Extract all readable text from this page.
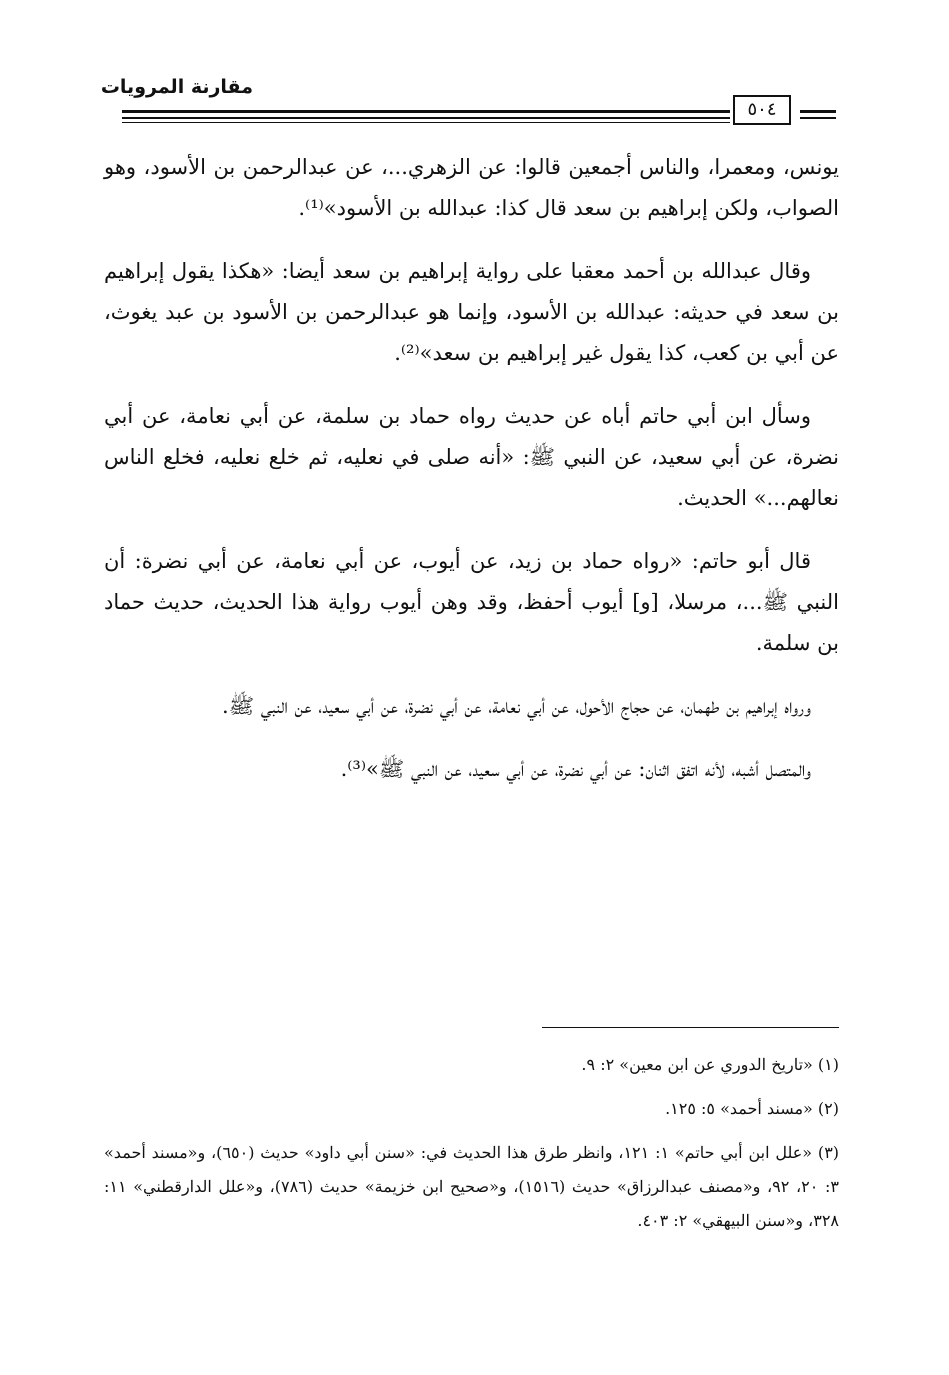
مقارنة المرويات
٥٠٤

يونس، ومعمرا، والناس أجمعين قالوا: عن الزهري...، عن عبدالرحمن بن الأسود، وهو الصواب، ولكن إبراهيم بن سعد قال كذا: عبدالله بن الأسود»⁽¹⁾.

وقال عبدالله بن أحمد معقبا على رواية إبراهيم بن سعد أيضا: «هكذا يقول إبراهيم بن سعد في حديثه: عبدالله بن الأسود، وإنما هو عبدالرحمن بن الأسود بن عبد يغوث، عن أبي بن كعب، كذا يقول غير إبراهيم بن سعد»⁽²⁾.

وسأل ابن أبي حاتم أباه عن حديث رواه حماد بن سلمة، عن أبي نعامة، عن أبي نضرة، عن أبي سعيد، عن النبي ﷺ: «أنه صلى في نعليه، ثم خلع نعليه، فخلع الناس نعالهم...» الحديث.

قال أبو حاتم: «رواه حماد بن زيد، عن أيوب، عن أبي نعامة، عن أبي نضرة: أن النبي ﷺ...، مرسلا، [و] أيوب أحفظ، وقد وهن أيوب رواية هذا الحديث، حديث حماد بن سلمة.

ورواه إبراهيم بن طهمان، عن حجاج الأحول، عن أبي نعامة، عن أبي نضرة، عن أبي سعيد، عن النبي ﷺ.

والمتصل أشبه، لأنه اتفق اثنان: عن أبي نضرة، عن أبي سعيد، عن النبي ﷺ»⁽³⁾.

(١) «تاريخ الدوري عن ابن معين» ٢: ٩.

(٢) «مسند أحمد» ٥: ١٢٥.

(٣) «علل ابن أبي حاتم» ١: ١٢١، وانظر طرق هذا الحديث في: «سنن أبي داود» حديث (٦٥٠)، و«مسند أحمد» ٣: ٢٠، ٩٢، و«مصنف عبدالرزاق» حديث (١٥١٦)، و«صحيح ابن خزيمة» حديث (٧٨٦)، و«علل الدارقطني» ١١: ٣٢٨، و«سنن البيهقي» ٢: ٤٠٣.
